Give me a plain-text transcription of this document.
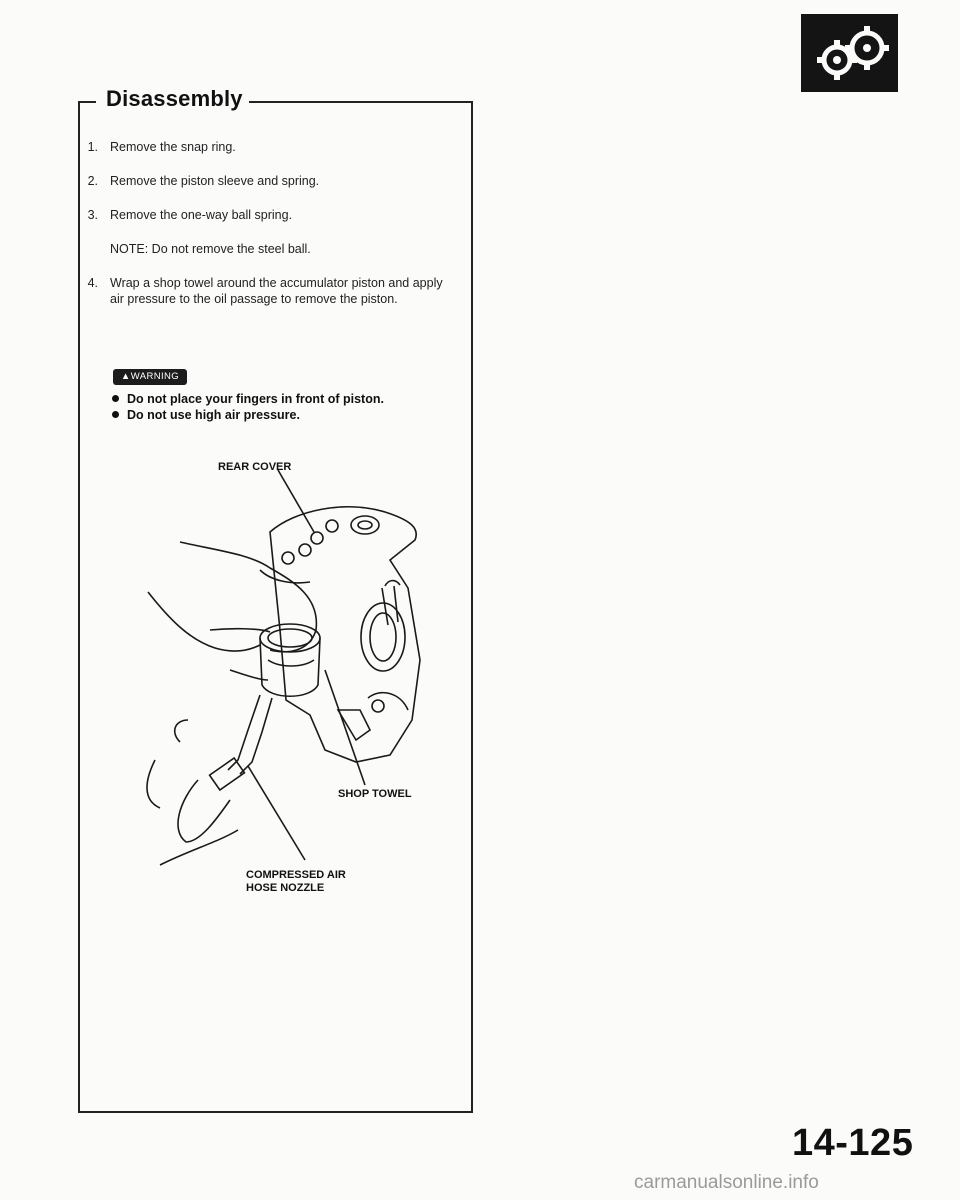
Disassembly
1. Remove the snap ring.
2. Remove the piston sleeve and spring.
3. Remove the one-way ball spring.
NOTE: Do not remove the steel ball.
4. Wrap a shop towel around the accumulator piston and apply air pressure to the oil passage to remove the piston.
▲WARNING
Do not place your fingers in front of piston.
Do not use high air pressure.
REAR COVER
SHOP TOWEL
COMPRESSED AIR
HOSE NOZZLE
14-125
carmanualsonline.info
